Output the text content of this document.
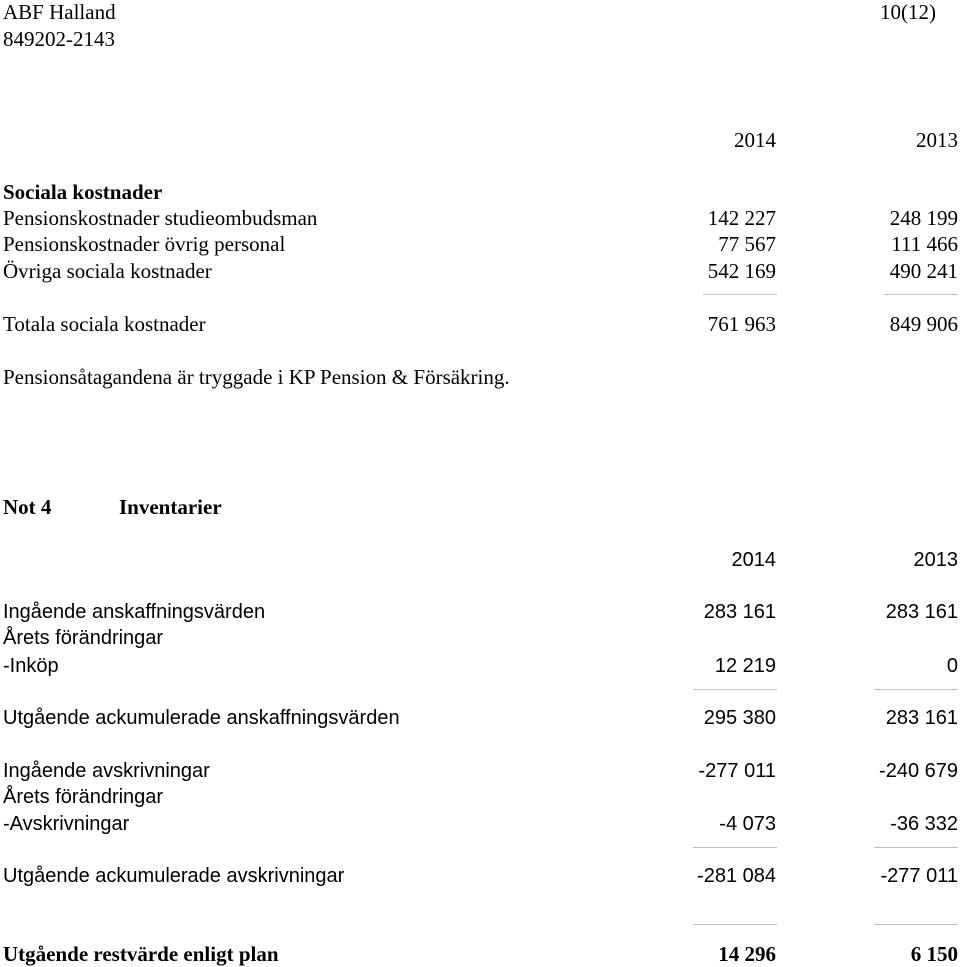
ABF Halland
849202-2143
10(12)
2014	2013
Sociala kostnader
Pensionskostnader studieombudsman	142 227	248 199
Pensionskostnader övrig personal	77 567	111 466
Övriga sociala kostnader	542 169	490 241
Totala sociala kostnader	761 963	849 906
Pensionsåtagandena är tryggade i KP Pension & Försäkring.
Not 4	Inventarier
2014	2013
Ingående anskaffningsvärden	283 161	283 161
Årets förändringar
-Inköp	12 219	0
Utgående ackumulerade anskaffningsvärden	295 380	283 161
Ingående avskrivningar	-277 011	-240 679
Årets förändringar
-Avskrivningar	-4 073	-36 332
Utgående ackumulerade avskrivningar	-281 084	-277 011
Utgående restvärde enligt plan	14 296	6 150
